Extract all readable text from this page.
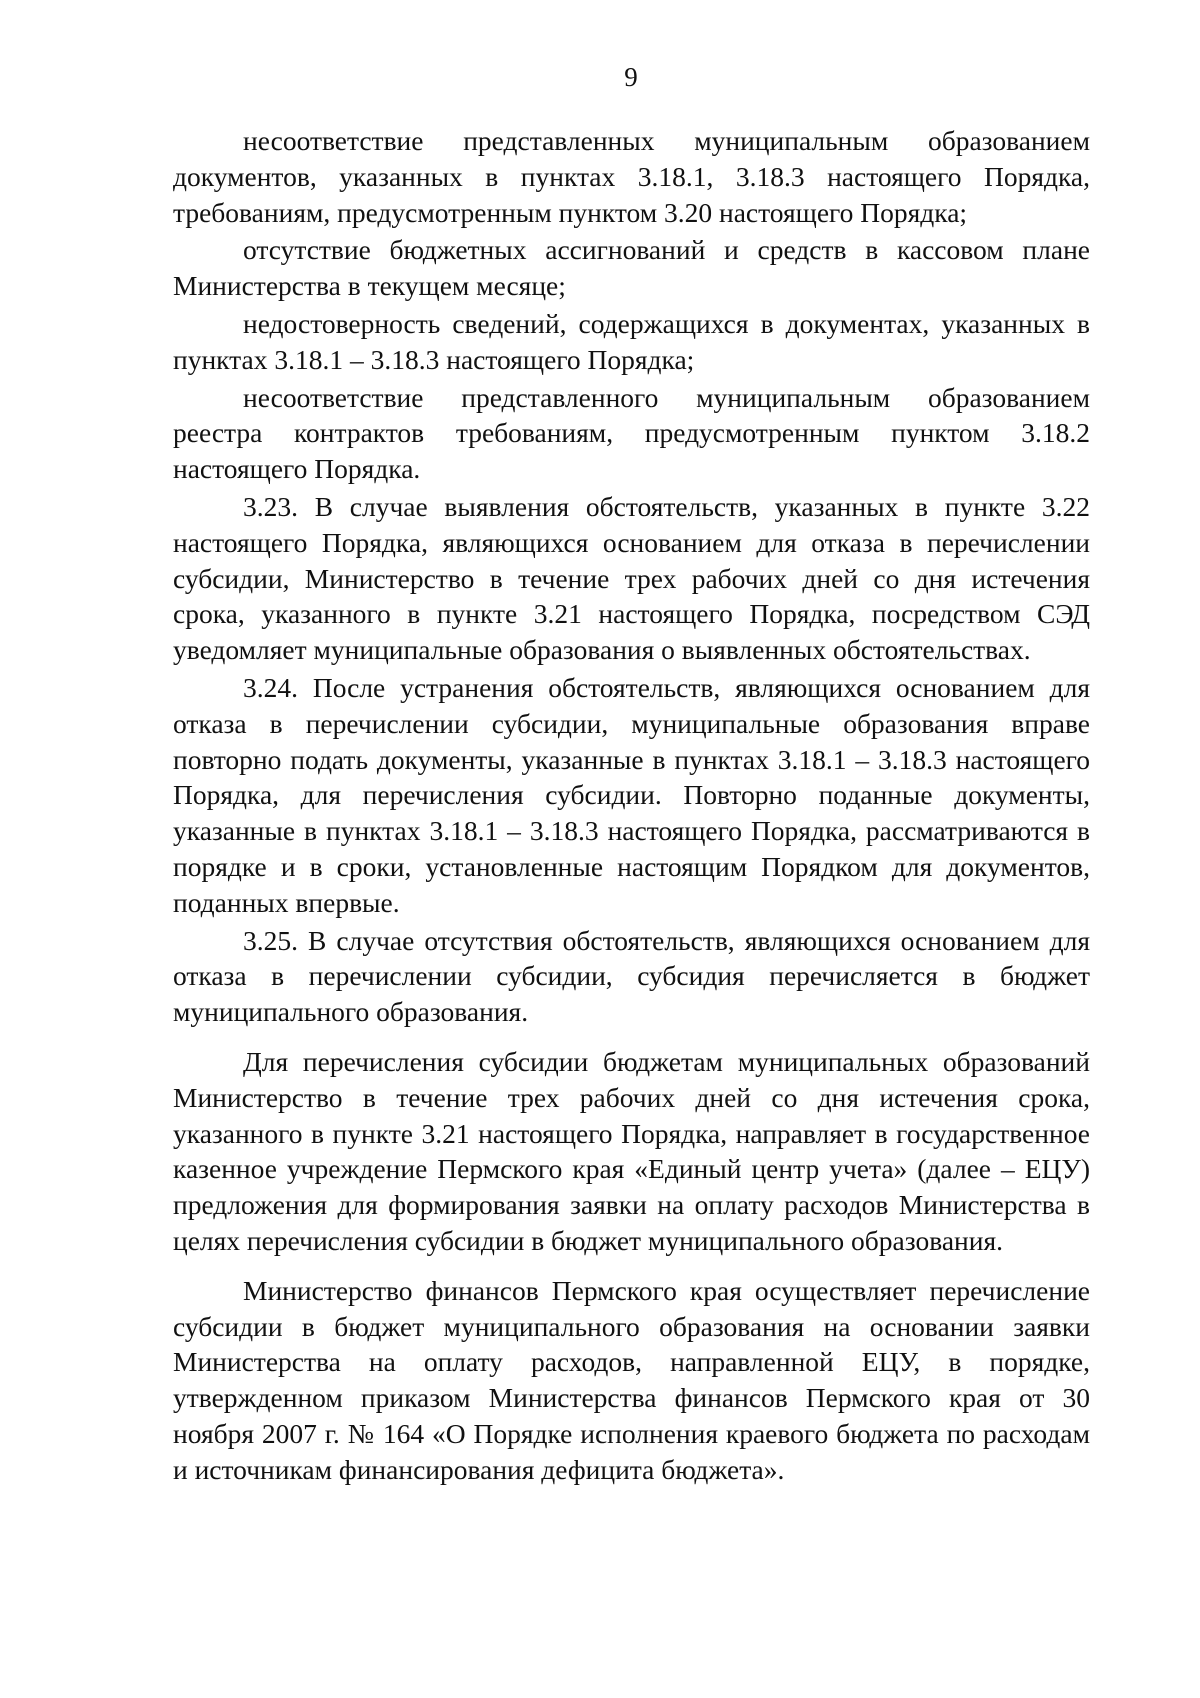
9

несоответствие представленных муниципальным образованием документов, указанных в пунктах 3.18.1, 3.18.3 настоящего Порядка, требованиям, предусмотренным пунктом 3.20 настоящего Порядка;

отсутствие бюджетных ассигнований и средств в кассовом плане Министерства в текущем месяце;

недостоверность сведений, содержащихся в документах, указанных в пунктах 3.18.1 – 3.18.3 настоящего Порядка;

несоответствие представленного муниципальным образованием реестра контрактов требованиям, предусмотренным пунктом 3.18.2 настоящего Порядка.

3.23. В случае выявления обстоятельств, указанных в пункте 3.22 настоящего Порядка, являющихся основанием для отказа в перечислении субсидии, Министерство в течение трех рабочих дней со дня истечения срока, указанного в пункте 3.21 настоящего Порядка, посредством СЭД уведомляет муниципальные образования о выявленных обстоятельствах.

3.24. После устранения обстоятельств, являющихся основанием для отказа в перечислении субсидии, муниципальные образования вправе повторно подать документы, указанные в пунктах 3.18.1 – 3.18.3 настоящего Порядка, для перечисления субсидии. Повторно поданные документы, указанные в пунктах 3.18.1 – 3.18.3 настоящего Порядка, рассматриваются в порядке и в сроки, установленные настоящим Порядком для документов, поданных впервые.

3.25. В случае отсутствия обстоятельств, являющихся основанием для отказа в перечислении субсидии, субсидия перечисляется в бюджет муниципального образования.

Для перечисления субсидии бюджетам муниципальных образований Министерство в течение трех рабочих дней со дня истечения срока, указанного в пункте 3.21 настоящего Порядка, направляет в государственное казенное учреждение Пермского края «Единый центр учета» (далее – ЕЦУ) предложения для формирования заявки на оплату расходов Министерства в целях перечисления субсидии в бюджет муниципального образования.

Министерство финансов Пермского края осуществляет перечисление субсидии в бюджет муниципального образования на основании заявки Министерства на оплату расходов, направленной ЕЦУ, в порядке, утвержденном приказом Министерства финансов Пермского края от 30 ноября 2007 г. № 164 «О Порядке исполнения краевого бюджета по расходам и источникам финансирования дефицита бюджета».
